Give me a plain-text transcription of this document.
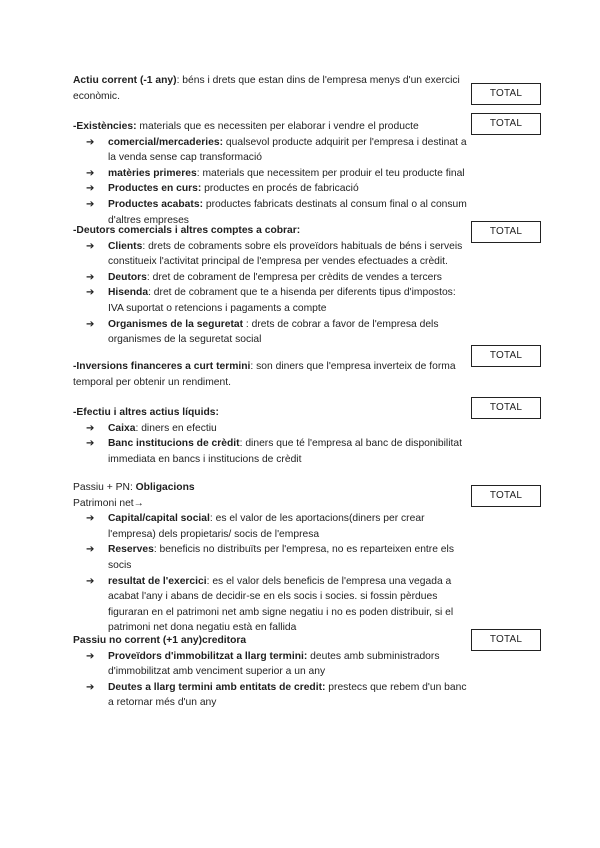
TOTAL
TOTAL
TOTAL
TOTAL
TOTAL
TOTAL
TOTAL

Actiu corrent (-1 any): béns i drets que estan dins de l'empresa menys d'un exercici econòmic.

-Existències: materials que es necessiten per elaborar i vendre el producte

➔ comercial/mercaderies: qualsevol producte adquirit per l'empresa i destinat a la venda sense cap transformació
➔ matèries primeres: materials que necessitem per produir el teu producte final
➔ Productes en curs: productes en procés de fabricació
➔ Productes acabats: productes fabricats destinats al consum final o al consum d'altres empreses

-Deutors comercials i altres comptes a cobrar:

➔ Clients: drets de cobraments sobre els proveïdors habituals de béns i serveis constitueix l'activitat principal de l'empresa per vendes efectuades a crèdit.
➔ Deutors: dret de cobrament de l'empresa per crèdits de vendes a tercers
➔ Hisenda: dret de cobrament que te a hisenda per diferents tipus d'impostos: IVA suportat o retencions i pagaments a compte
➔ Organismes de la seguretat : drets de cobrar a favor de l'empresa dels organismes de la seguretat social

-Inversions financeres a curt termini: son diners que l'empresa inverteix de forma temporal per obtenir un rendiment.

-Efectiu i altres actius líquids:

➔ Caixa: diners en efectiu
➔ Banc institucions de crèdit: diners que té l'empresa al banc de disponibilitat immediata en bancs i institucions de crèdit

Passiu + PN: Obligacions

Patrimoni net→

➔ Capital/capital social: es el valor de les aportacions(diners per crear l'empresa) dels propietaris/ socis de l'empresa
➔ Reserves: beneficis no distribuïts per l'empresa, no es reparteixen entre els socis
➔ resultat de l'exercici: es el valor dels beneficis de l'empresa una vegada a acabat l'any i abans de decidir-se en els socis i socies. si fossin pèrdues figuraran en el patrimoni net amb signe negatiu i no es poden distribuir, si el patrimoni net dona negatiu està en fallida

Passiu no corrent (+1 any)creditora

➔ Proveïdors d'immobilitzat a llarg termini: deutes amb subministradors d'immobilitzat amb venciment superior a un any
➔ Deutes a llarg termini amb entitats de credit: prestecs que rebem d'un banc a retornar més d'un any
